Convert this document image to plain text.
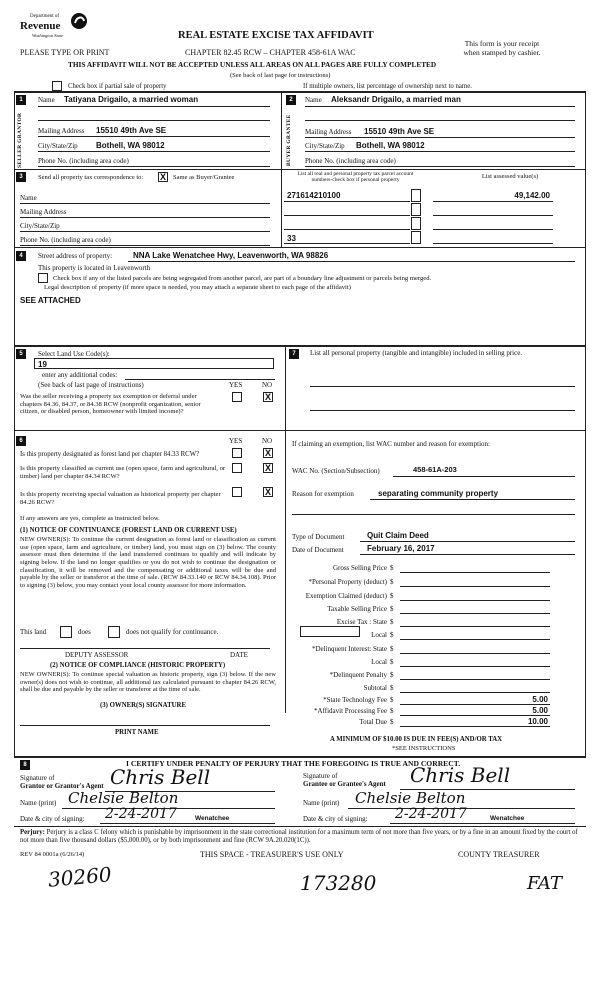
Department of
Revenue
Washington State	REAL ESTATE EXCISE TAX AFFIDAVIT
PLEASE TYPE OR PRINT	CHAPTER 82.45 RCW – CHAPTER 458-61A WAC
This form is your receipt
when stamped by cashier.
THIS AFFIDAVIT WILL NOT BE ACCEPTED UNLESS ALL AREAS ON ALL PAGES ARE FULLY COMPLETED
(See back of last page for instructions)
Check box if partial sale of property	If multiple owners, list percentage of ownership next to name.
1
SELLER GRANTOR
Name Tatiyana Drigailo, a married woman
Mailing Address 15510 49th Ave SE
City/State/Zip Bothell, WA 98012
Phone No. (including area code)
2
BUYER GRANTEE
Name Aleksandr Drigailo, a married man
Mailing Address 15510 49th Ave SE
City/State/Zip Bothell, WA 98012
Phone No. (including area code)
3	Send all property tax correspondence to: X	Same as Buyer/Grantee
Name
Mailing Address
City/State/Zip
Phone No. (including area code)
List all real and personal property tax parcel account
numbers-check box if personal property
List assessed value(s)
271614210100	49,142.00
33
4	Street address of property:	NNA Lake Wenatchee Hwy, Leavenworth, WA 98826
This property is located in Leavenworth
Check box if any of the listed parcels are being segregated from another parcel, are part of a boundary line adjustment or parcels being merged.
Legal description of property (if more space is needed, you may attach a separate sheet to each page of the affidavit)
SEE ATTACHED
5	Select Land Use Code(s):
19
enter any additional codes:
(See back of last page of instructions)	YES	NO
Was the seller receiving a property tax exemption or deferral under chapters 84.36, 84.37, or 84.38 RCW (nonprofit organization, senior citizen, or disabled person, homeowner with limited income)?
X
7	List all personal property (tangible and intangible) included in selling price.
6	YES	NO
Is this property designated as forest land per chapter 84.33 RCW?	X
Is this property classified as current use (open space, farm and agricultural, or timber) land per chapter 84.34 RCW?
X
Is this property receiving special valuation as historical property per chapter 84.26 RCW?
X
If any answers are yes, complete as instructed below.
(1) NOTICE OF CONTINUANCE (FOREST LAND OR CURRENT USE)
NEW OWNER(S): To continue the current designation as forest land or classification as current use (open space, farm and agriculture, or timber) land, you must sign on (3) below. The county assessor must then determine if the land transferred continues to qualify and will indicate by signing below. If the land no longer qualifies or you do not wish to continue the designation or classification, it will be removed and the compensating or additional taxes will be due and payable by the seller or transferor at the time of sale. (RCW 84.33.140 or RCW 84.34.108). Prior to signing (3) below, you may contact your local county assessor for more information.
This land	does	does not qualify for continuance.
DEPUTY ASSESSOR	DATE
(2) NOTICE OF COMPLIANCE (HISTORIC PROPERTY)
NEW OWNER(S): To continue special valuation as historic property, sign (3) below. If the new owner(s) does not wish to continue, all additional tax calculated pursuant to chapter 84.26 RCW, shall be due and payable by the seller or transferor at the time of sale.
(3) OWNER(S) SIGNATURE
PRINT NAME
If claiming an exemption, list WAC number and reason for exemption:
WAC No. (Section/Subsection)	458-61A-203
Reason for exemption	separating community property
Type of Document	Quit Claim Deed
Date of Document	February 16, 2017
Gross Selling Price $
*Personal Property (deduct) $
Exemption Claimed (deduct) $
Taxable Selling Price $
Excise Tax : State $
Local $
*Delinquent Interest: State $
Local $
*Delinquent Penalty $
Subtotal $
*State Technology Fee $	5.00
*Affidavit Processing Fee $	5.00
Total Due $	10.00
A MINIMUM OF $10.00 IS DUE IN FEE(S) AND/OR TAX
*SEE INSTRUCTIONS
8	I CERTIFY UNDER PENALTY OF PERJURY THAT THE FOREGOING IS TRUE AND CORRECT.
Signature of
Grantor or Grantor's Agent Chris Bell
Name (print) Chelsie Belton
Date & city of signing: 2-24-2017	Wenatchee
Signature of
Grantee or Grantee's Agent Chris Bell
Name (print) Chelsie Belton
Date & city of signing: 2-24-2017	Wenatchee
Perjury: Perjury is a class C felony which is punishable by imprisonment in the state correctional institution for a maximum term of not more than five years, or by a fine in an amount fixed by the court of not more than five thousand dollars ($5,000.00), or by both imprisonment and fine (RCW 9A.20.020(1C)).
REV 84 0001a (6/26/14)	THIS SPACE - TREASURER'S USE ONLY	COUNTY TREASURER
30260	173280	FAT
